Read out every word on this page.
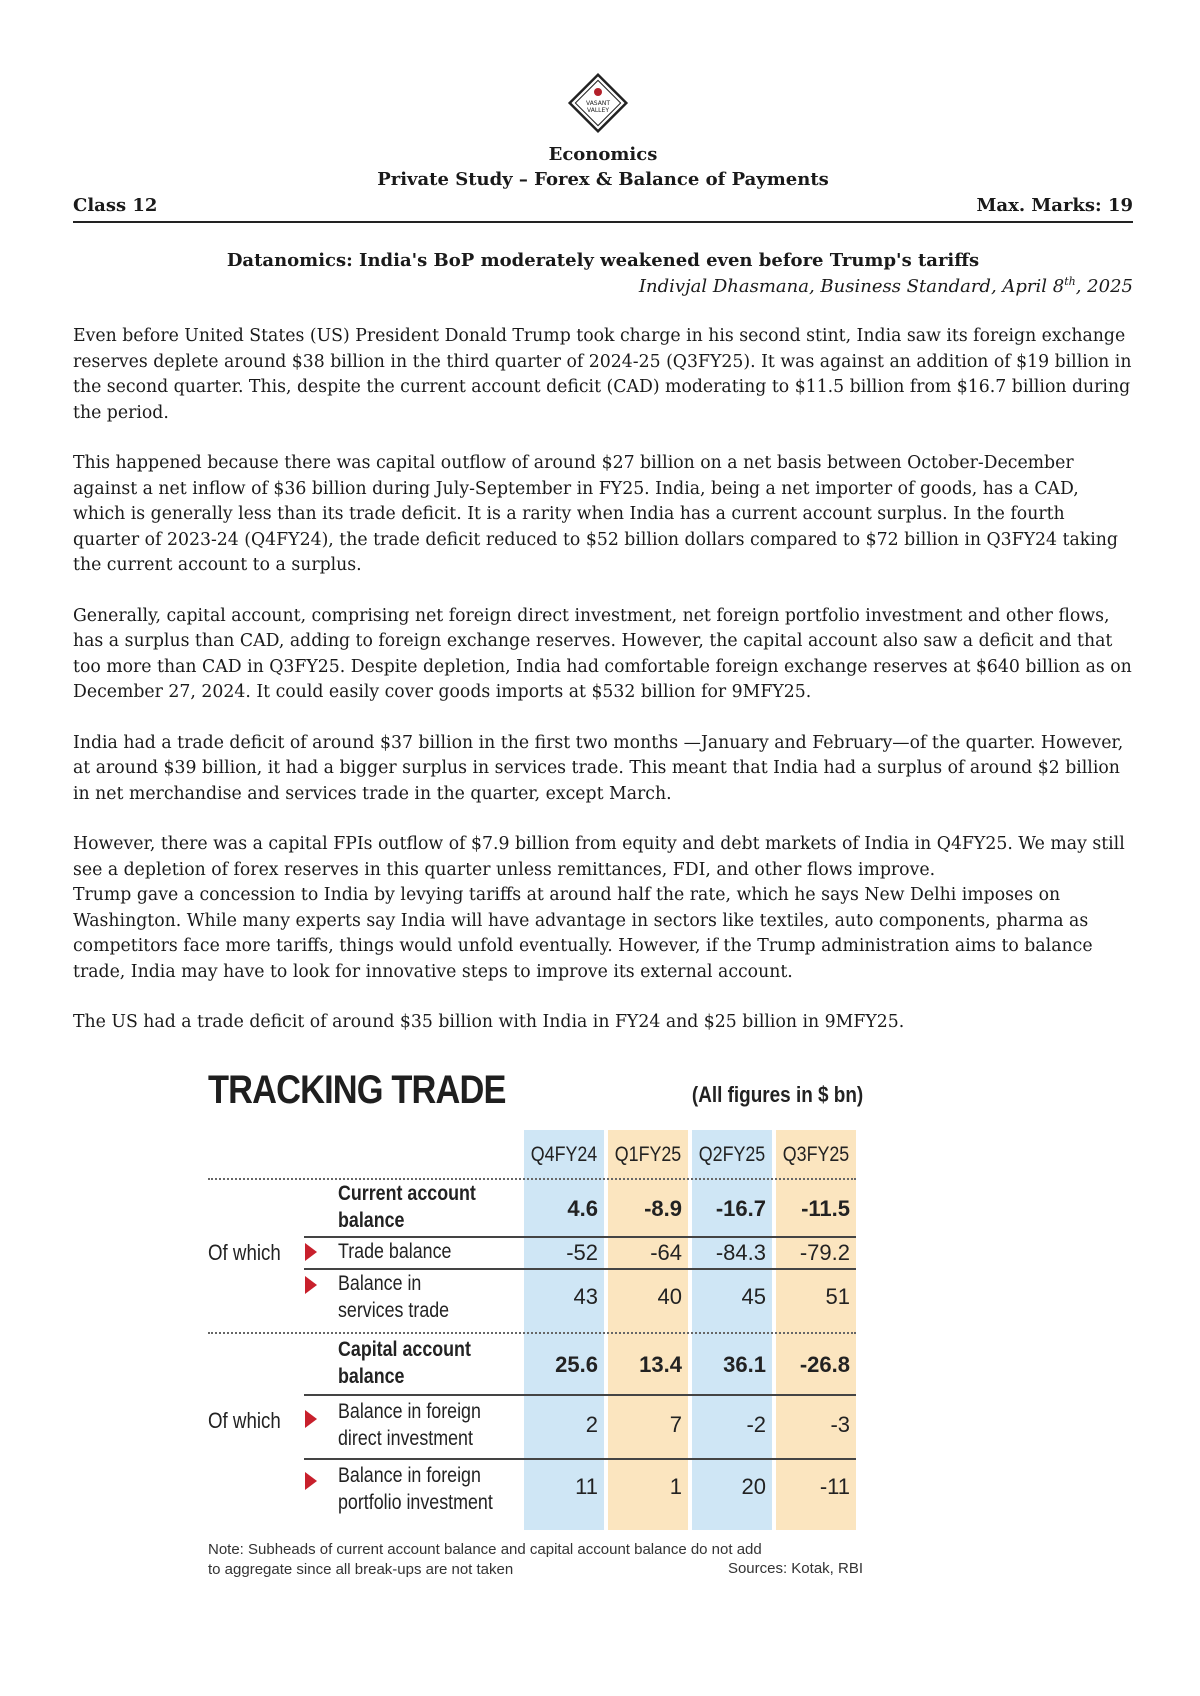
VASANT
VALLEY
Economics
Private Study – Forex & Balance of Payments
Class 12	Max. Marks: 19
Datanomics: India's BoP moderately weakened even before Trump's tariffs
Indivjal Dhasmana, Business Standard, April 8th, 2025

Even before United States (US) President Donald Trump took charge in his second stint, India saw its foreign exchange reserves deplete around $38 billion in the third quarter of 2024-25 (Q3FY25). It was against an addition of $19 billion in the second quarter. This, despite the current account deficit (CAD) moderating to $11.5 billion from $16.7 billion during the period.

This happened because there was capital outflow of around $27 billion on a net basis between October-December against a net inflow of $36 billion during July-September in FY25. India, being a net importer of goods, has a CAD, which is generally less than its trade deficit. It is a rarity when India has a current account surplus. In the fourth quarter of 2023-24 (Q4FY24), the trade deficit reduced to $52 billion dollars compared to $72 billion in Q3FY24 taking the current account to a surplus.

Generally, capital account, comprising net foreign direct investment, net foreign portfolio investment and other flows, has a surplus than CAD, adding to foreign exchange reserves. However, the capital account also saw a deficit and that too more than CAD in Q3FY25. Despite depletion, India had comfortable foreign exchange reserves at $640 billion as on December 27, 2024. It could easily cover goods imports at $532 billion for 9MFY25.

India had a trade deficit of around $37 billion in the first two months —January and February—of the quarter. However, at around $39 billion, it had a bigger surplus in services trade. This meant that India had a surplus of around $2 billion in net merchandise and services trade in the quarter, except March.

However, there was a capital FPIs outflow of $7.9 billion from equity and debt markets of India in Q4FY25. We may still see a depletion of forex reserves in this quarter unless remittances, FDI, and other flows improve.

Trump gave a concession to India by levying tariffs at around half the rate, which he says New Delhi imposes on Washington. While many experts say India will have advantage in sectors like textiles, auto components, pharma as competitors face more tariffs, things would unfold eventually. However, if the Trump administration aims to balance trade, India may have to look for innovative steps to improve its external account.

The US had a trade deficit of around $35 billion with India in FY24 and $25 billion in 9MFY25.

TRACKING TRADE	(All figures in $ bn)
Q4FY24 Q1FY25 Q2FY25 Q3FY25
Current account
balance	4.6	-8.9	-16.7	-11.5
Of which	Trade balance	-52	-64	-84.3	-79.2
Balance in
services trade
43	40	45	51
Capital account
balance	25.6	13.4	36.1	-26.8
Of which	Balance in foreign
direct investment
2	7	-2	-3
Balance in foreign
portfolio investment
11	1	20	-11
Note: Subheads of current account balance and capital account balance do not add
to aggregate since all break-ups are not taken	Sources: Kotak, RBI
